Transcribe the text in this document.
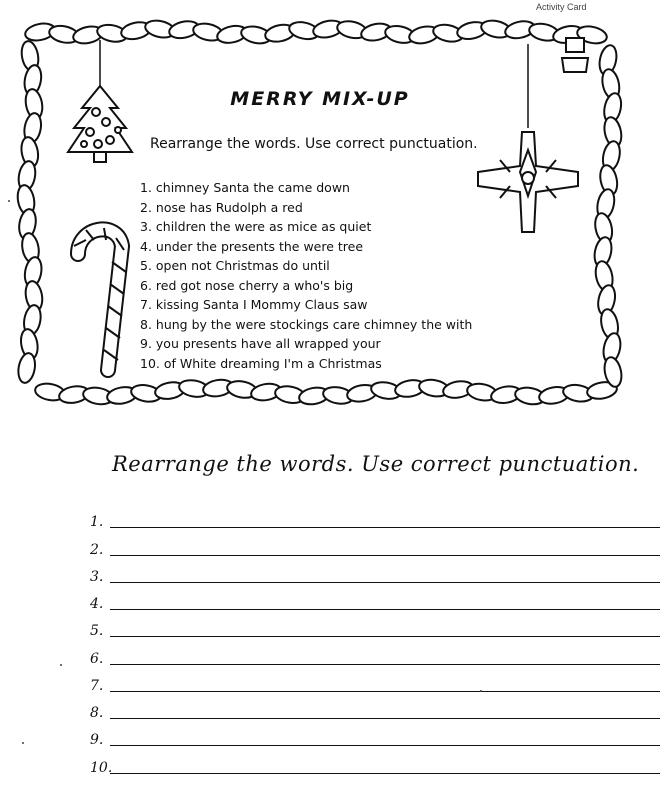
Activity Card
MERRY MIX-UP
Rearrange the words. Use correct punctuation.
1. chimney Santa the came down
2. nose has Rudolph a red
3. children the were as mice as quiet
4. under the presents the were tree
5. open not Christmas do until
6. red got nose cherry a who's big
7. kissing Santa I Mommy Claus saw
8. hung by the were stockings care chimney the with
9. you presents have all wrapped your
10. of White dreaming I'm a Christmas
Rearrange the words. Use correct punctuation.
1.
2.
3.
4.
5.
6.
7.
8.
9.
10.
